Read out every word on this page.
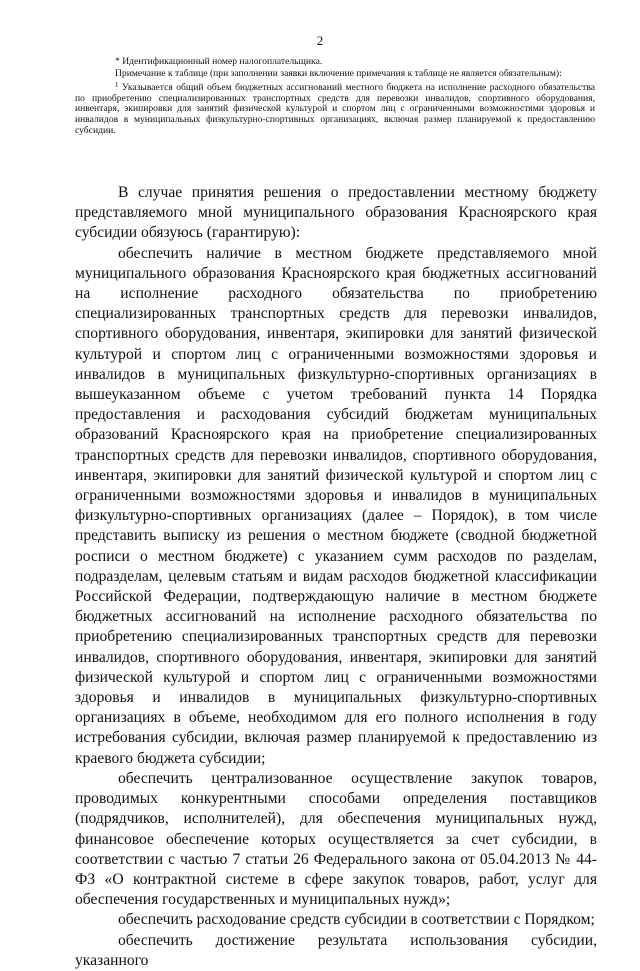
2

* Идентификационный номер налогоплательщика.

Примечание к таблице (при заполнении заявки включение примечания к таблице не является обязательным):

$^1$ Указывается общий объем бюджетных ассигнований местного бюджета на исполнение расходного обязательства по приобретению специализированных транспортных средств для перевозки инвалидов, спортивного оборудования, инвентаря, экипировки для занятий физической культурой и спортом лиц с ограниченными возможностями здоровья и инвалидов в муниципальных физкультурно-спортивных организациях, включая размер планируемой к предоставлению субсидии.

В случае принятия решения о предоставлении местному бюджету представляемого мной муниципального образования Красноярского края субсидии обязуюсь (гарантирую):

обеспечить наличие в местном бюджете представляемого мной муниципального образования Красноярского края бюджетных ассигнований на исполнение расходного обязательства по приобретению специализированных транспортных средств для перевозки инвалидов, спортивного оборудования, инвентаря, экипировки для занятий физической культурой и спортом лиц с ограниченными возможностями здоровья и инвалидов в муниципальных физкультурно-спортивных организациях в вышеуказанном объеме с учетом требований пункта 14 Порядка предоставления и расходования субсидий бюджетам муниципальных образований Красноярского края на приобретение специализированных транспортных средств для перевозки инвалидов, спортивного оборудования, инвентаря, экипировки для занятий физической культурой и спортом лиц с ограниченными возможностями здоровья и инвалидов в муниципальных физкультурно-спортивных организациях (далее – Порядок), в том числе представить выписку из решения о местном бюджете (сводной бюджетной росписи о местном бюджете) с указанием сумм расходов по разделам, подразделам, целевым статьям и видам расходов бюджетной классификации Российской Федерации, подтверждающую наличие в местном бюджете бюджетных ассигнований на исполнение расходного обязательства по приобретению специализированных транспортных средств для перевозки инвалидов, спортивного оборудования, инвентаря, экипировки для занятий физической культурой и спортом лиц с ограниченными возможностями здоровья и инвалидов в муниципальных физкультурно-спортивных организациях в объеме, необходимом для его полного исполнения в году истребования субсидии, включая размер планируемой к предоставлению из краевого бюджета субсидии;

обеспечить централизованное осуществление закупок товаров, проводимых конкурентными способами определения поставщиков (подрядчиков, исполнителей), для обеспечения муниципальных нужд, финансовое обеспечение которых осуществляется за счет субсидии, в соответствии с частью 7 статьи 26 Федерального закона от 05.04.2013 № 44-ФЗ «О контрактной системе в сфере закупок товаров, работ, услуг для обеспечения государственных и муниципальных нужд»;

обеспечить расходование средств субсидии в соответствии с Порядком;

обеспечить достижение результата использования субсидии, указанного
